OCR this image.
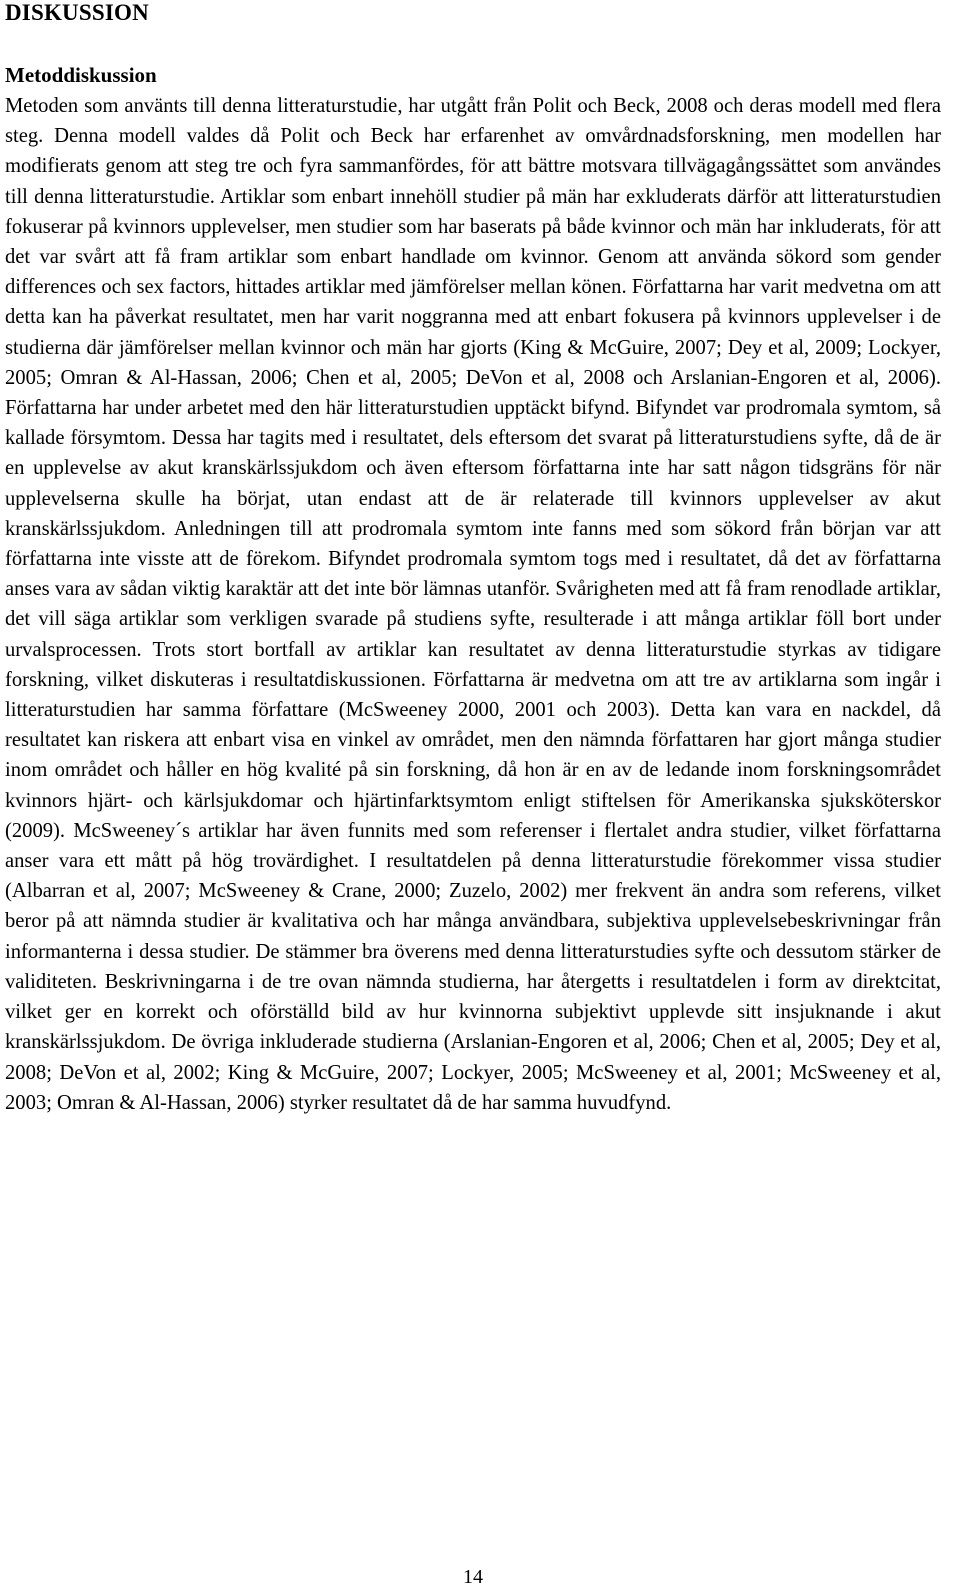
DISKUSSION
Metoddiskussion

Metoden som använts till denna litteraturstudie, har utgått från Polit och Beck, 2008 och deras modell med flera steg. Denna modell valdes då Polit och Beck har erfarenhet av omvårdnadsforskning, men modellen har modifierats genom att steg tre och fyra sammanfördes, för att bättre motsvara tillvägagångssättet som användes till denna litteraturstudie. Artiklar som enbart innehöll studier på män har exkluderats därför att litteraturstudien fokuserar på kvinnors upplevelser, men studier som har baserats på både kvinnor och män har inkluderats, för att det var svårt att få fram artiklar som enbart handlade om kvinnor. Genom att använda sökord som gender differences och sex factors, hittades artiklar med jämförelser mellan könen. Författarna har varit medvetna om att detta kan ha påverkat resultatet, men har varit noggranna med att enbart fokusera på kvinnors upplevelser i de studierna där jämförelser mellan kvinnor och män har gjorts (King & McGuire, 2007; Dey et al, 2009; Lockyer, 2005; Omran & Al-Hassan, 2006; Chen et al, 2005; DeVon et al, 2008 och Arslanian-Engoren et al, 2006). Författarna har under arbetet med den här litteraturstudien upptäckt bifynd. Bifyndet var prodromala symtom, så kallade försymtom. Dessa har tagits med i resultatet, dels eftersom det svarat på litteraturstudiens syfte, då de är en upplevelse av akut kranskärlssjukdom och även eftersom författarna inte har satt någon tidsgräns för när upplevelserna skulle ha börjat, utan endast att de är relaterade till kvinnors upplevelser av akut kranskärlssjukdom. Anledningen till att prodromala symtom inte fanns med som sökord från början var att författarna inte visste att de förekom. Bifyndet prodromala symtom togs med i resultatet, då det av författarna anses vara av sådan viktig karaktär att det inte bör lämnas utanför. Svårigheten med att få fram renodlade artiklar, det vill säga artiklar som verkligen svarade på studiens syfte, resulterade i att många artiklar föll bort under urvalsprocessen. Trots stort bortfall av artiklar kan resultatet av denna litteraturstudie styrkas av tidigare forskning, vilket diskuteras i resultatdiskussionen. Författarna är medvetna om att tre av artiklarna som ingår i litteraturstudien har samma författare (McSweeney 2000, 2001 och 2003). Detta kan vara en nackdel, då resultatet kan riskera att enbart visa en vinkel av området, men den nämnda författaren har gjort många studier inom området och håller en hög kvalité på sin forskning, då hon är en av de ledande inom forskningsområdet kvinnors hjärt- och kärlsjukdomar och hjärtinfarktsymtom enligt stiftelsen för Amerikanska sjuksköterskor (2009). McSweeney´s artiklar har även funnits med som referenser i flertalet andra studier, vilket författarna anser vara ett mått på hög trovärdighet. I resultatdelen på denna litteraturstudie förekommer vissa studier (Albarran et al, 2007; McSweeney & Crane, 2000; Zuzelo, 2002) mer frekvent än andra som referens, vilket beror på att nämnda studier är kvalitativa och har många användbara, subjektiva upplevelsebeskrivningar från informanterna i dessa studier. De stämmer bra överens med denna litteraturstudies syfte och dessutom stärker de validiteten. Beskrivningarna i de tre ovan nämnda studierna, har återgetts i resultatdelen i form av direktcitat, vilket ger en korrekt och oförställd bild av hur kvinnorna subjektivt upplevde sitt insjuknande i akut kranskärlssjukdom. De övriga inkluderade studierna (Arslanian-Engoren et al, 2006; Chen et al, 2005; Dey et al, 2008; DeVon et al, 2002; King & McGuire, 2007; Lockyer, 2005; McSweeney et al, 2001; McSweeney et al, 2003; Omran & Al-Hassan, 2006) styrker resultatet då de har samma huvudfynd.

14
